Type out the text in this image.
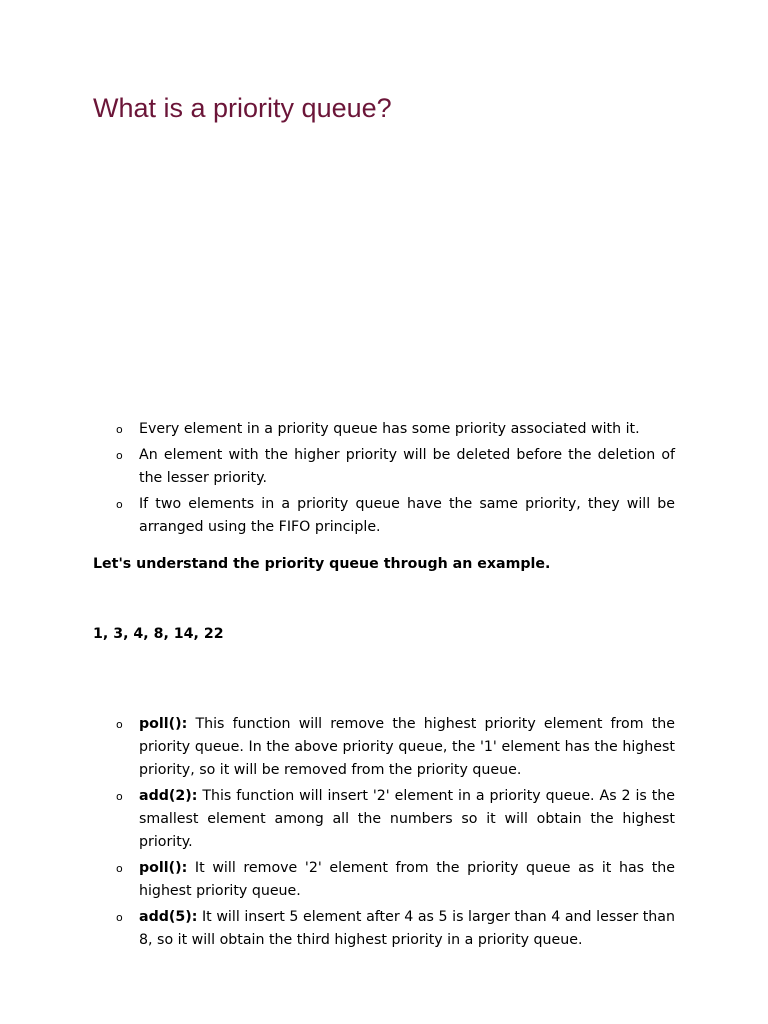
What is a priority queue?
o Every element in a priority queue has some priority associated with it.
o An element with the higher priority will be deleted before the deletion of the lesser priority.
o If two elements in a priority queue have the same priority, they will be arranged using the FIFO principle.

Let's understand the priority queue through an example.

1, 3, 4, 8, 14, 22

o poll(): This function will remove the highest priority element from the priority queue. In the above priority queue, the '1' element has the highest priority, so it will be removed from the priority queue.
o add(2): This function will insert '2' element in a priority queue. As 2 is the smallest element among all the numbers so it will obtain the highest priority.
o poll(): It will remove '2' element from the priority queue as it has the highest priority queue.
o add(5): It will insert 5 element after 4 as 5 is larger than 4 and lesser than 8, so it will obtain the third highest priority in a priority queue.
